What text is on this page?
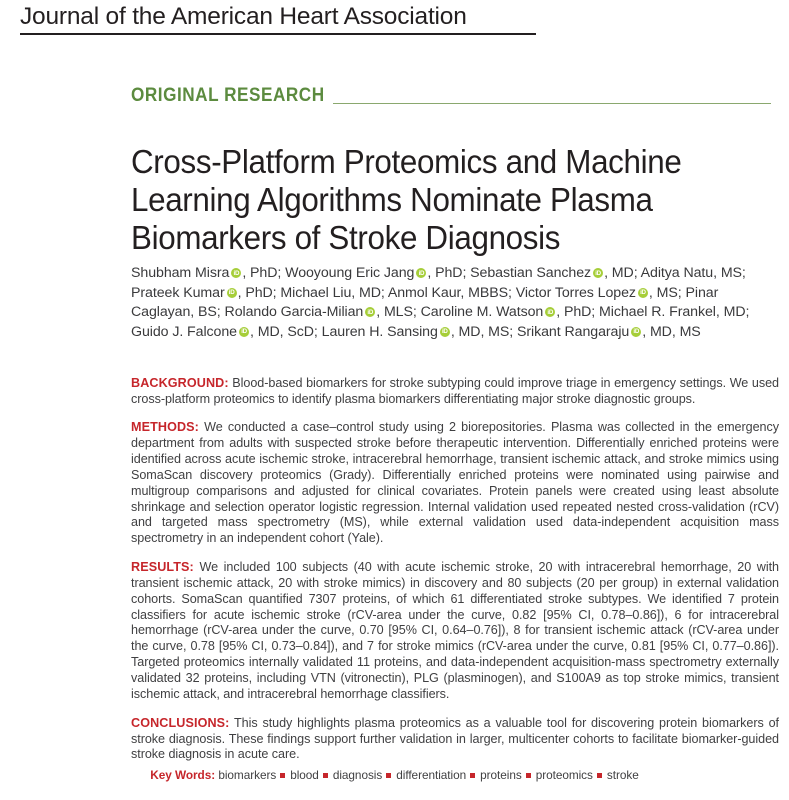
Journal of the American Heart Association
ORIGINAL RESEARCH
Cross-Platform Proteomics and Machine Learning Algorithms Nominate Plasma Biomarkers of Stroke Diagnosis
Shubham Misra iD , PhD; Wooyoung Eric Jang iD , PhD; Sebastian Sanchez iD , MD; Aditya Natu, MS; Prateek Kumar iD , PhD; Michael Liu, MD; Anmol Kaur, MBBS; Victor Torres Lopez iD , MS; Pinar Caglayan, BS; Rolando Garcia-Milian iD , MLS; Caroline M. Watson iD , PhD; Michael R. Frankel, MD; Guido J. Falcone iD , MD, ScD; Lauren H. Sansing iD , MD, MS; Srikant Rangaraju iD , MD, MS

BACKGROUND: Blood-based biomarkers for stroke subtyping could improve triage in emergency settings. We used cross-platform proteomics to identify plasma biomarkers differentiating major stroke diagnostic groups.

METHODS: We conducted a case–control study using 2 biorepositories. Plasma was collected in the emergency department from adults with suspected stroke before therapeutic intervention. Differentially enriched proteins were identified across acute ischemic stroke, intracerebral hemorrhage, transient ischemic attack, and stroke mimics using SomaScan discovery proteomics (Grady). Differentially enriched proteins were nominated using pairwise and multigroup comparisons and adjusted for clinical covariates. Protein panels were created using least absolute shrinkage and selection operator logistic regression. Internal validation used repeated nested cross-validation (rCV) and targeted mass spectrometry (MS), while external validation used data-independent acquisition mass spectrometry in an independent cohort (Yale).

RESULTS: We included 100 subjects (40 with acute ischemic stroke, 20 with intracerebral hemorrhage, 20 with transient ischemic attack, 20 with stroke mimics) in discovery and 80 subjects (20 per group) in external validation cohorts. SomaScan quantified 7307 proteins, of which 61 differentiated stroke subtypes. We identified 7 protein classifiers for acute ischemic stroke (rCV-area under the curve, 0.82 [95% CI, 0.78–0.86]), 6 for intracerebral hemorrhage (rCV-area under the curve, 0.70 [95% CI, 0.64–0.76]), 8 for transient ischemic attack (rCV-area under the curve, 0.78 [95% CI, 0.73–0.84]), and 7 for stroke mimics (rCV-area under the curve, 0.81 [95% CI, 0.77–0.86]). Targeted proteomics internally validated 11 proteins, and data-independent acquisition-mass spectrometry externally validated 32 proteins, including VTN (vitronectin), PLG (plasminogen), and S100A9 as top stroke mimics, transient ischemic attack, and intracerebral hemorrhage classifiers.

CONCLUSIONS: This study highlights plasma proteomics as a valuable tool for discovering protein biomarkers of stroke diagnosis. These findings support further validation in larger, multicenter cohorts to facilitate biomarker-guided stroke diagnosis in acute care.

Key Words: biomarkers blood diagnosis differentiation proteins proteomics stroke
